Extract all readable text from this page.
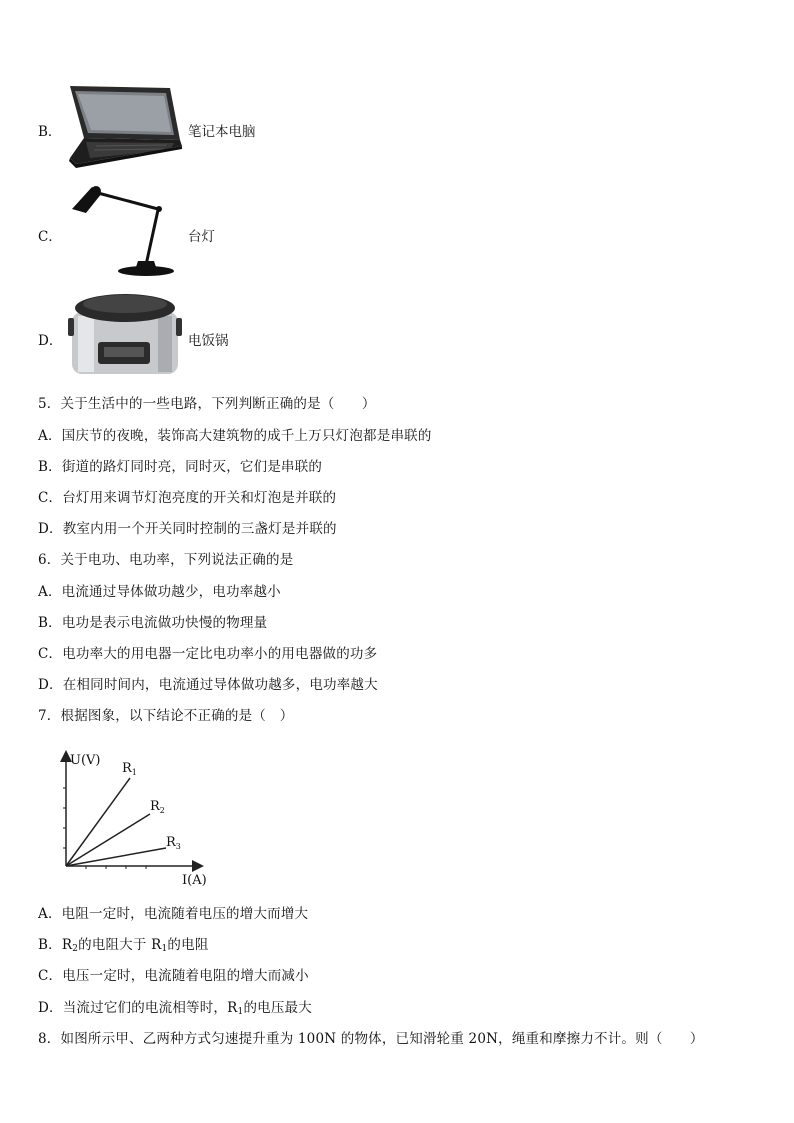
B．	笔记本电脑
C．	台灯
D．	电饭锅
5．关于生活中的一些电路，下列判断正确的是（　　）
A．国庆节的夜晚，装饰高大建筑物的成千上万只灯泡都是串联的
B．街道的路灯同时亮，同时灭，它们是串联的
C．台灯用来调节灯泡亮度的开关和灯泡是并联的
D．教室内用一个开关同时控制的三盏灯是并联的
6．关于电功、电功率，下列说法正确的是
A．电流通过导体做功越少，电功率越小
B．电功是表示电流做功快慢的物理量
C．电功率大的用电器一定比电功率小的用电器做的功多
D．在相同时间内，电流通过导体做功越多，电功率越大
7．根据图象，以下结论不正确的是（　）
U(V)
I(A)
$R_1$
$R_2$
$R_3$
A．电阻一定时，电流随着电压的增大而增大
B．$R_2$的电阻大于 $R_1$的电阻
C．电压一定时，电流随着电阻的增大而减小
D．当流过它们的电流相等时，$R_1$的电压最大
8．如图所示甲、乙两种方式匀速提升重为 100N 的物体，已知滑轮重 20N，绳重和摩擦力不计。则（　　）
